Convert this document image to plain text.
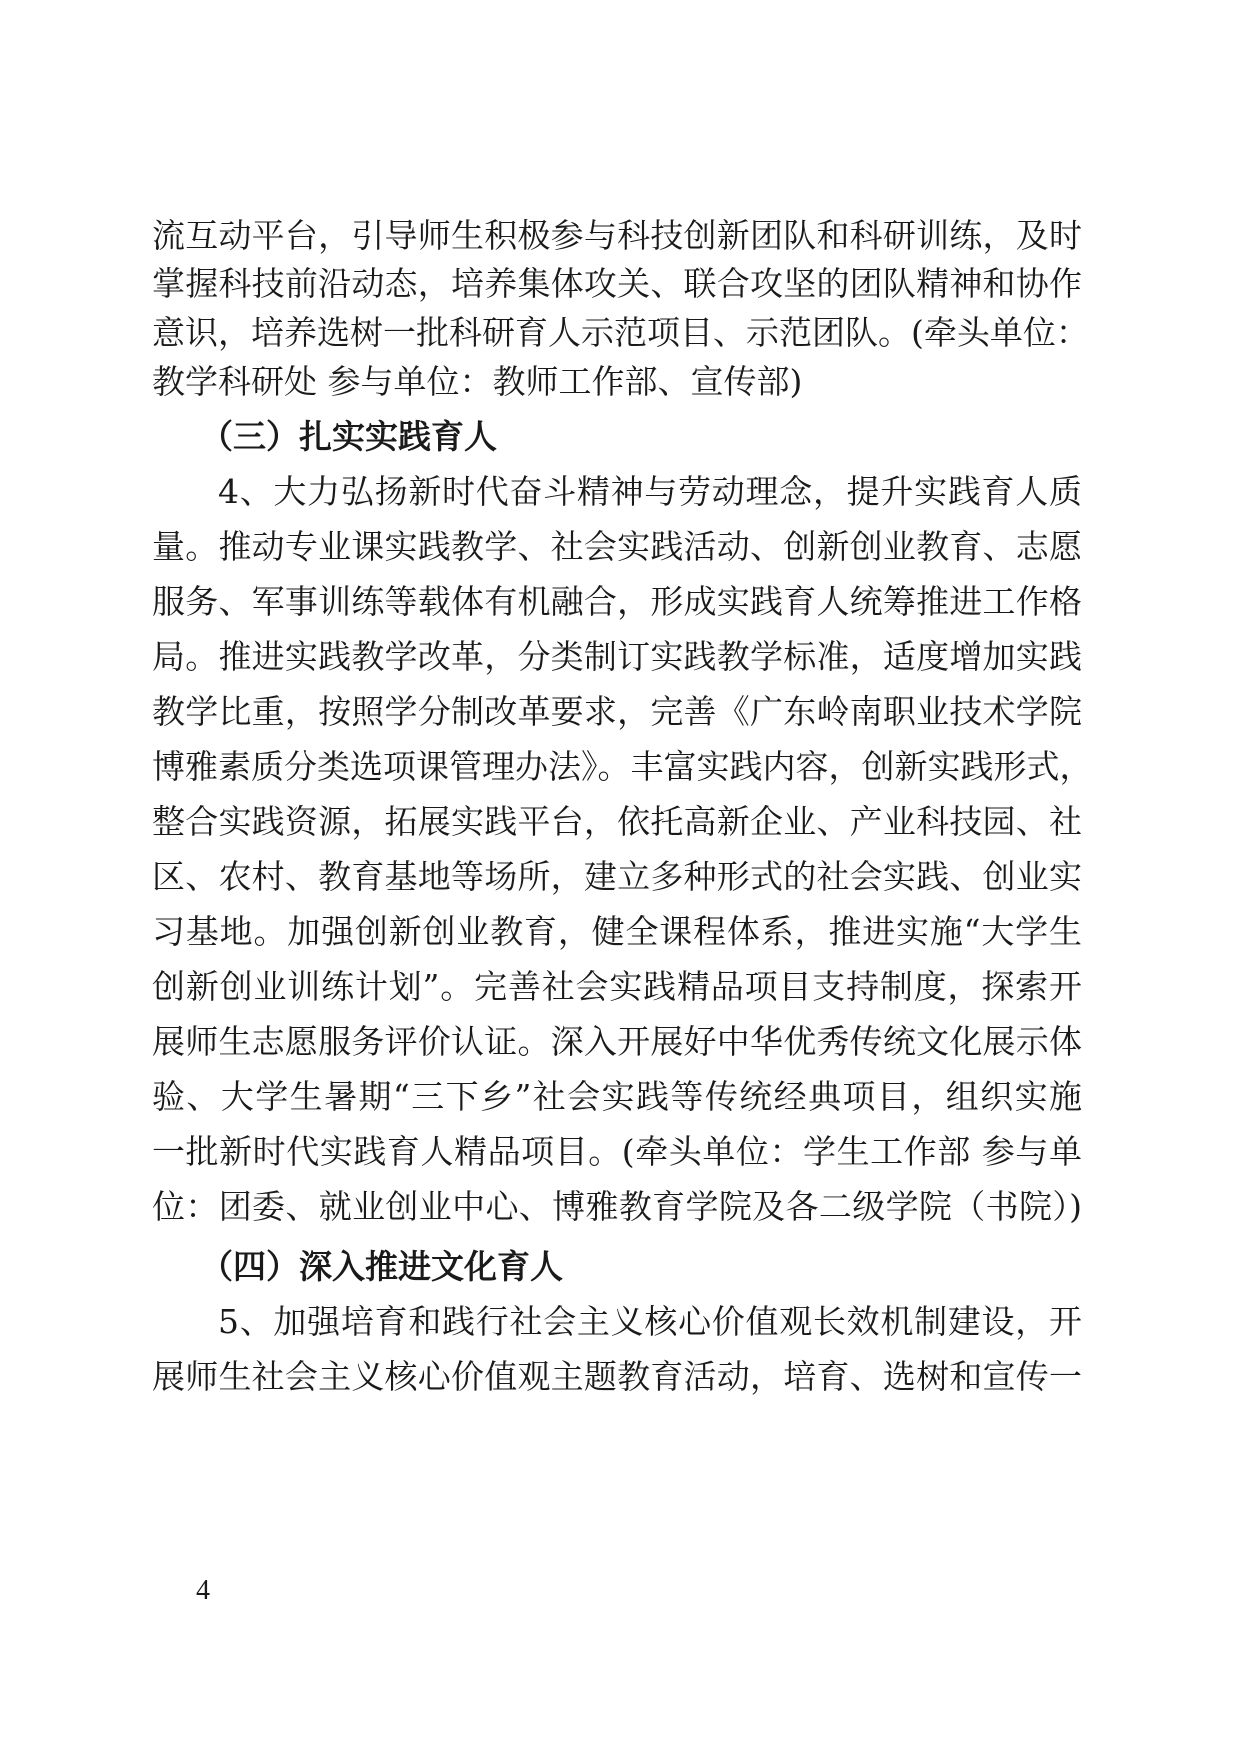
流互动平台，引导师生积极参与科技创新团队和科研训练，及时
掌握科技前沿动态，培养集体攻关、联合攻坚的团队精神和协作
意识，培养选树一批科研育人示范项目、示范团队。(牵头单位：
教学科研处 参与单位：教师工作部、宣传部)
（三）扎实实践育人
4、大力弘扬新时代奋斗精神与劳动理念，提升实践育人质
量。推动专业课实践教学、社会实践活动、创新创业教育、志愿
服务、军事训练等载体有机融合，形成实践育人统筹推进工作格
局。推进实践教学改革，分类制订实践教学标准，适度增加实践
教学比重，按照学分制改革要求，完善《广东岭南职业技术学院
博雅素质分类选项课管理办法》。丰富实践内容，创新实践形式，
整合实践资源，拓展实践平台，依托高新企业、产业科技园、社
区、农村、教育基地等场所，建立多种形式的社会实践、创业实
习基地。加强创新创业教育，健全课程体系，推进实施“大学生
创新创业训练计划”。完善社会实践精品项目支持制度，探索开
展师生志愿服务评价认证。深入开展好中华优秀传统文化展示体
验、大学生暑期“三下乡”社会实践等传统经典项目，组织实施
一批新时代实践育人精品项目。(牵头单位：学生工作部 参与单
位：团委、就业创业中心、博雅教育学院及各二级学院（书院）)
（四）深入推进文化育人
5、加强培育和践行社会主义核心价值观长效机制建设，开
展师生社会主义核心价值观主题教育活动，培育、选树和宣传一
4
